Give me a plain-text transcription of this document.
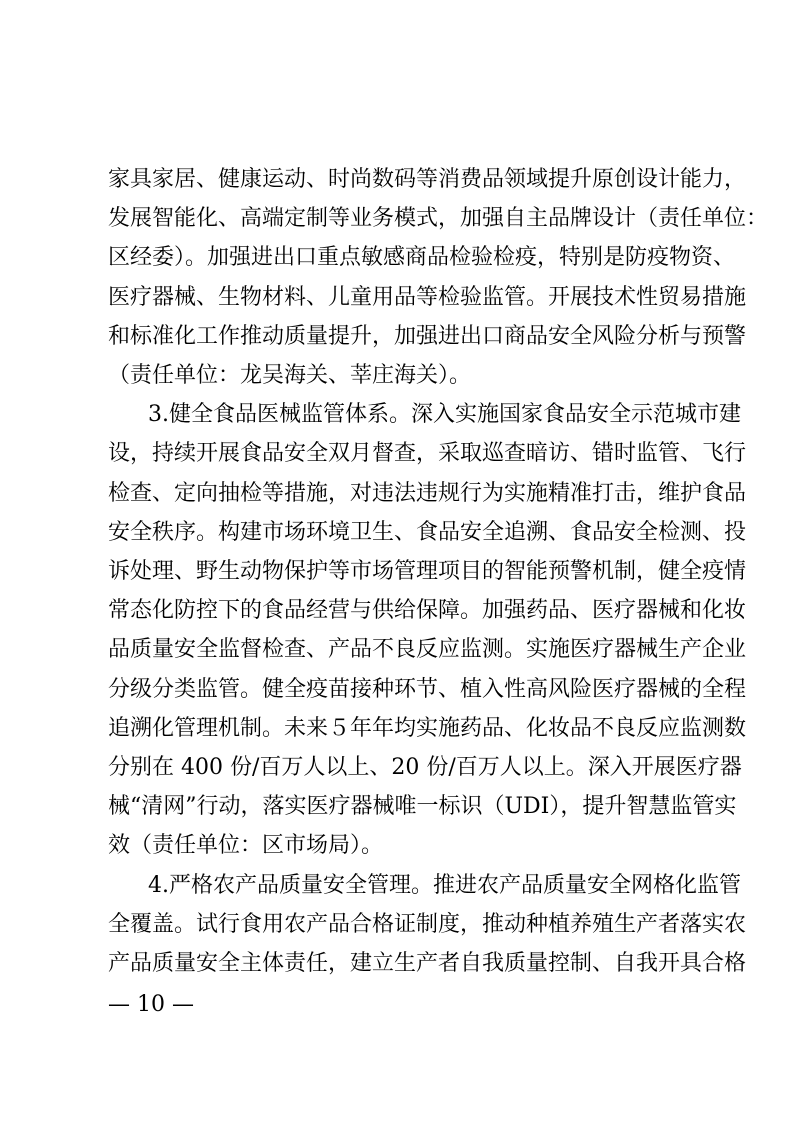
家具家居、健康运动、时尚数码等消费品领域提升原创设计能力，
发展智能化、高端定制等业务模式，加强自主品牌设计（责任单位：
区经委）。加强进出口重点敏感商品检验检疫，特别是防疫物资、
医疗器械、生物材料、儿童用品等检验监管。开展技术性贸易措施
和标准化工作推动质量提升，加强进出口商品安全风险分析与预警
（责任单位：龙吴海关、莘庄海关）。
3.健全食品医械监管体系。深入实施国家食品安全示范城市建
设，持续开展食品安全双月督查，采取巡查暗访、错时监管、飞行
检查、定向抽检等措施，对违法违规行为实施精准打击，维护食品
安全秩序。构建市场环境卫生、食品安全追溯、食品安全检测、投
诉处理、野生动物保护等市场管理项目的智能预警机制，健全疫情
常态化防控下的食品经营与供给保障。加强药品、医疗器械和化妆
品质量安全监督检查、产品不良反应监测。实施医疗器械生产企业
分级分类监管。健全疫苗接种环节、植入性高风险医疗器械的全程
追溯化管理机制。未来５年年均实施药品、化妆品不良反应监测数
分别在 400 份/百万人以上、20 份/百万人以上。深入开展医疗器
械“清网”行动，落实医疗器械唯一标识（UDI），提升智慧监管实
效（责任单位：区市场局）。
4.严格农产品质量安全管理。推进农产品质量安全网格化监管
全覆盖。试行食用农产品合格证制度，推动种植养殖生产者落实农
产品质量安全主体责任，建立生产者自我质量控制、自我开具合格
— 10 —
